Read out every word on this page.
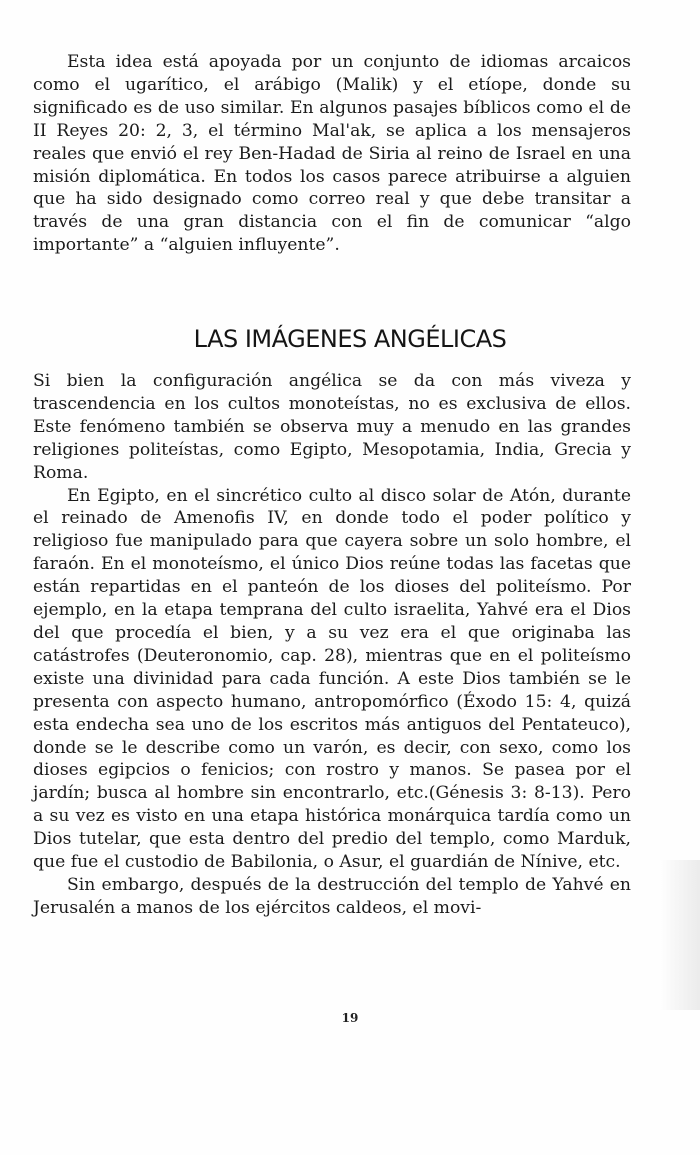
Esta idea está apoyada por un conjunto de idiomas arcaicos como el ugarítico, el arábigo (Malik) y el etíope, donde su significado es de uso similar. En algunos pasajes bíblicos como el de II Reyes 20: 2, 3, el término Mal'ak, se aplica a los mensajeros reales que envió el rey Ben-Hadad de Siria al reino de Israel en una misión diplomática. En todos los casos parece atribuirse a alguien que ha sido designado como correo real y que debe transitar a través de una gran distancia con el fin de comunicar “algo importante” a “alguien influyente”.

LAS IMÁGENES ANGÉLICAS

Si bien la configuración angélica se da con más viveza y trascendencia en los cultos monoteístas, no es exclusiva de ellos. Este fenómeno también se observa muy a menudo en las grandes religiones politeístas, como Egipto, Mesopotamia, India, Grecia y Roma.

En Egipto, en el sincrético culto al disco solar de Atón, durante el reinado de Amenofis IV, en donde todo el poder político y religioso fue manipulado para que cayera sobre un solo hombre, el faraón. En el monoteísmo, el único Dios reúne todas las facetas que están repartidas en el panteón de los dioses del politeísmo. Por ejemplo, en la etapa temprana del culto israelita, Yahvé era el Dios del que procedía el bien, y a su vez era el que originaba las catástrofes (Deuteronomio, cap. 28), mientras que en el politeísmo existe una divinidad para cada función. A este Dios también se le presenta con aspecto humano, antropomórfico (Éxodo 15: 4, quizá esta endecha sea uno de los escritos más antiguos del Pentateuco), donde se le describe como un varón, es decir, con sexo, como los dioses egipcios o fenicios; con rostro y manos. Se pasea por el jardín; busca al hombre sin encontrarlo, etc.(Génesis 3: 8-13). Pero a su vez es visto en una etapa histórica monárquica tardía como un Dios tutelar, que esta dentro del predio del templo, como Marduk, que fue el custodio de Babilonia, o Asur, el guardián de Nínive, etc.

Sin embargo, después de la destrucción del templo de Yahvé en Jerusalén a manos de los ejércitos caldeos, el movi-

19
